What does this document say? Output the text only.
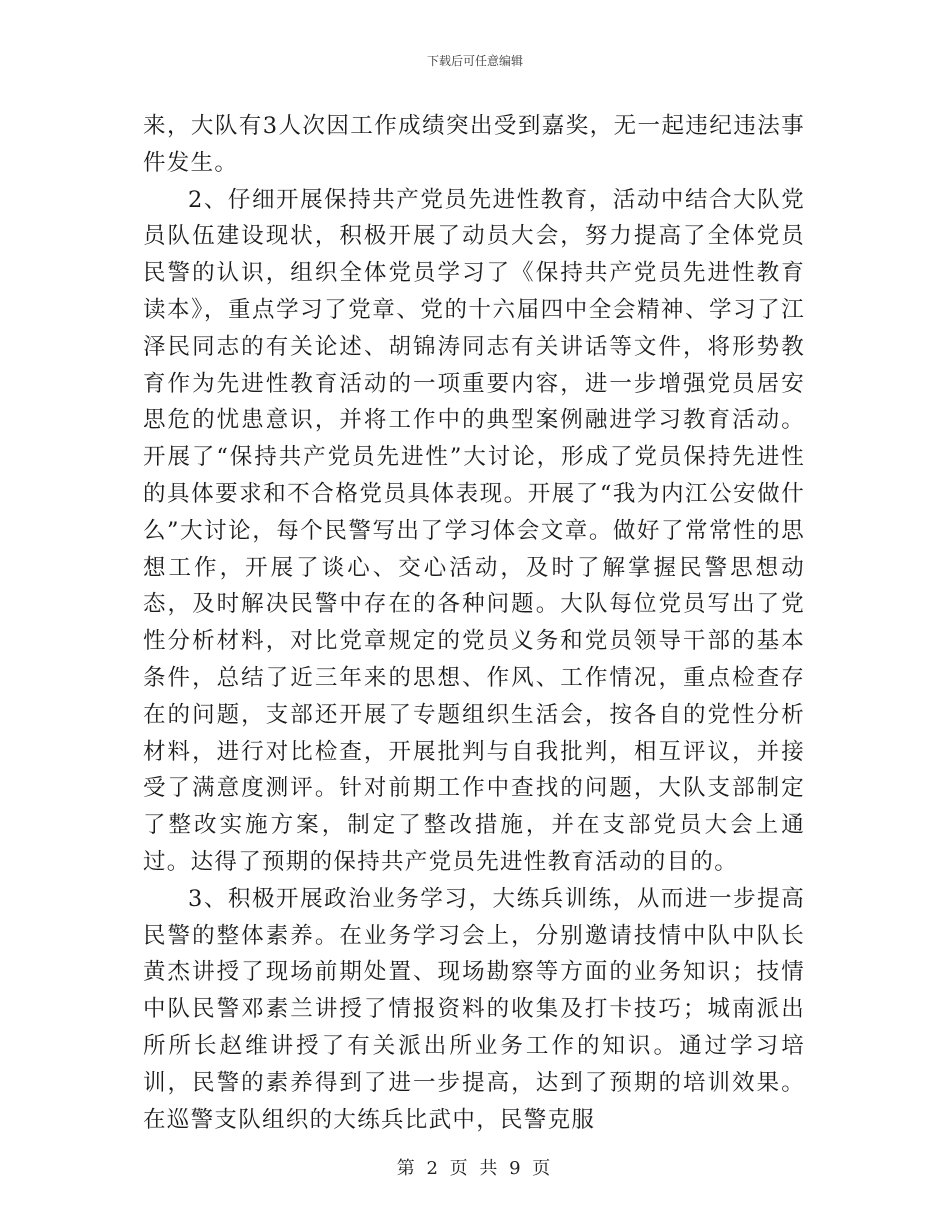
下载后可任意编辑

来，大队有3人次因工作成绩突出受到嘉奖，无一起违纪违法事件发生。

2、仔细开展保持共产党员先进性教育，活动中结合大队党员队伍建设现状，积极开展了动员大会，努力提高了全体党员民警的认识，组织全体党员学习了《保持共产党员先进性教育读本》，重点学习了党章、党的十六届四中全会精神、学习了江泽民同志的有关论述、胡锦涛同志有关讲话等文件，将形势教育作为先进性教育活动的一项重要内容，进一步增强党员居安思危的忧患意识，并将工作中的典型案例融进学习教育活动。开展了“保持共产党员先进性”大讨论，形成了党员保持先进性的具体要求和不合格党员具体表现。开展了“我为内江公安做什么”大讨论，每个民警写出了学习体会文章。做好了常常性的思想工作，开展了谈心、交心活动，及时了解掌握民警思想动态，及时解决民警中存在的各种问题。大队每位党员写出了党性分析材料，对比党章规定的党员义务和党员领导干部的基本条件，总结了近三年来的思想、作风、工作情况，重点检查存在的问题，支部还开展了专题组织生活会，按各自的党性分析材料，进行对比检查，开展批判与自我批判，相互评议，并接受了满意度测评。针对前期工作中查找的问题，大队支部制定了整改实施方案，制定了整改措施，并在支部党员大会上通过。达得了预期的保持共产党员先进性教育活动的目的。

3、积极开展政治业务学习，大练兵训练，从而进一步提高民警的整体素养。在业务学习会上，分别邀请技情中队中队长黄杰讲授了现场前期处置、现场勘察等方面的业务知识；技情中队民警邓素兰讲授了情报资料的收集及打卡技巧；城南派出所所长赵维讲授了有关派出所业务工作的知识。通过学习培训，民警的素养得到了进一步提高，达到了预期的培训效果。在巡警支队组织的大练兵比武中，民警克服

第 2 页 共 9 页
